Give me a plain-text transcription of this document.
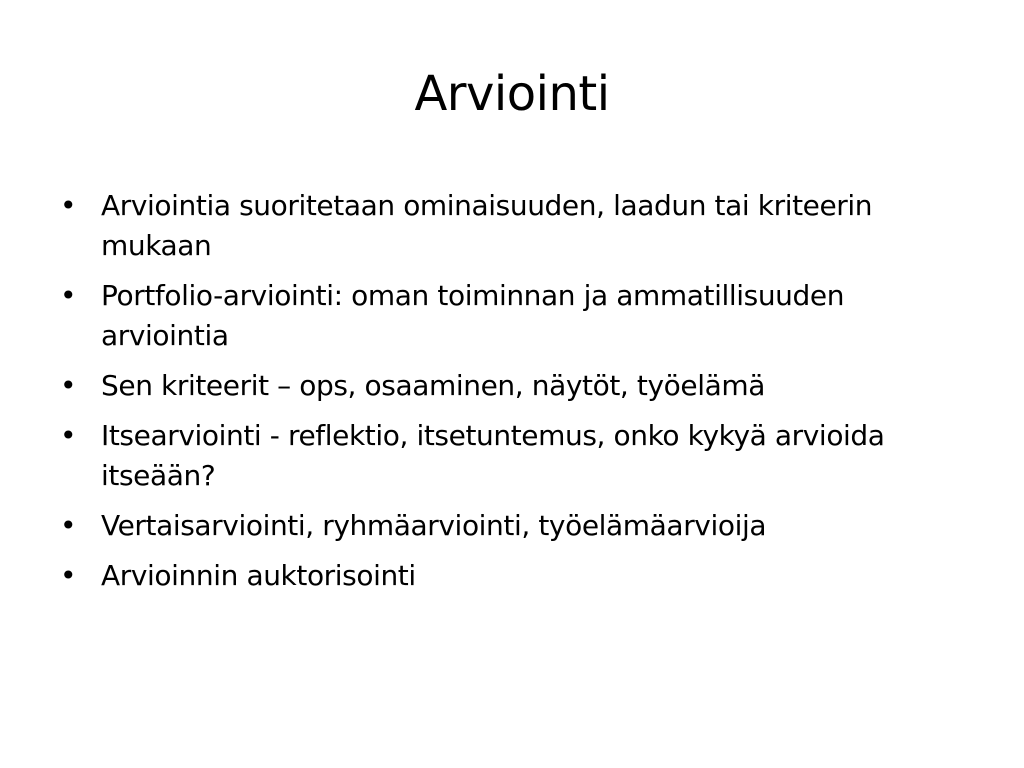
Arviointi
• Arviointia suoritetaan ominaisuuden, laadun tai kriteerin mukaan
• Portfolio-arviointi: oman toiminnan ja ammatillisuuden arviointia
• Sen kriteerit – ops, osaaminen, näytöt, työelämä
• Itsearviointi - reflektio, itsetuntemus, onko kykyä arvioida itseään?
• Vertaisarviointi, ryhmäarviointi, työelämäarvioija
• Arvioinnin auktorisointi
